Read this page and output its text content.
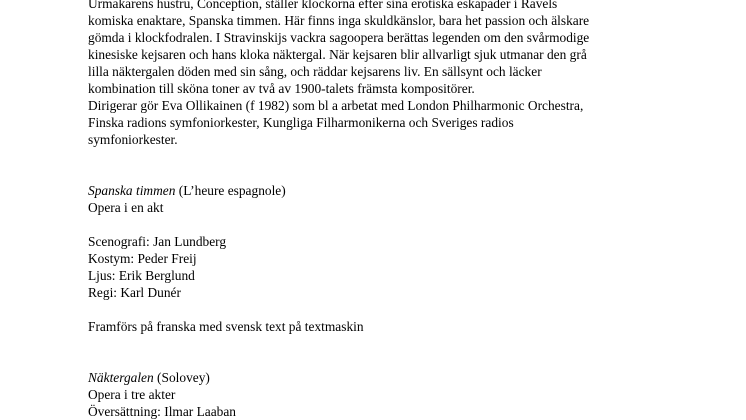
Urmakarens hustru, Conception, ställer klockorna efter sina erotiska eskapader i Ravels
komiska enaktare, Spanska timmen. Här finns inga skuldkänslor, bara het passion och älskare
gömda i klockfodralen. I Stravinskijs vackra sagoopera berättas legenden om den svårmodige
kinesiske kejsaren och hans kloka näktergal. När kejsaren blir allvarligt sjuk utmanar den grå
lilla näktergalen döden med sin sång, och räddar kejsarens liv. En sällsynt och läcker
kombination till sköna toner av två av 1900-talets främsta kompositörer.
Dirigerar gör Eva Ollikainen (f 1982) som bl a arbetat med London Philharmonic Orchestra,
Finska radions symfoniorkester, Kungliga Filharmonikerna och Sveriges radios
symfoniorkester.
Spanska timmen (L’heure espagnole)
Opera i en akt
Scenografi: Jan Lundberg
Kostym: Peder Freij
Ljus: Erik Berglund
Regi: Karl Dunér
Framförs på franska med svensk text på textmaskin
Näktergalen (Solovey)
Opera i tre akter
Översättning: Ilmar Laaban
